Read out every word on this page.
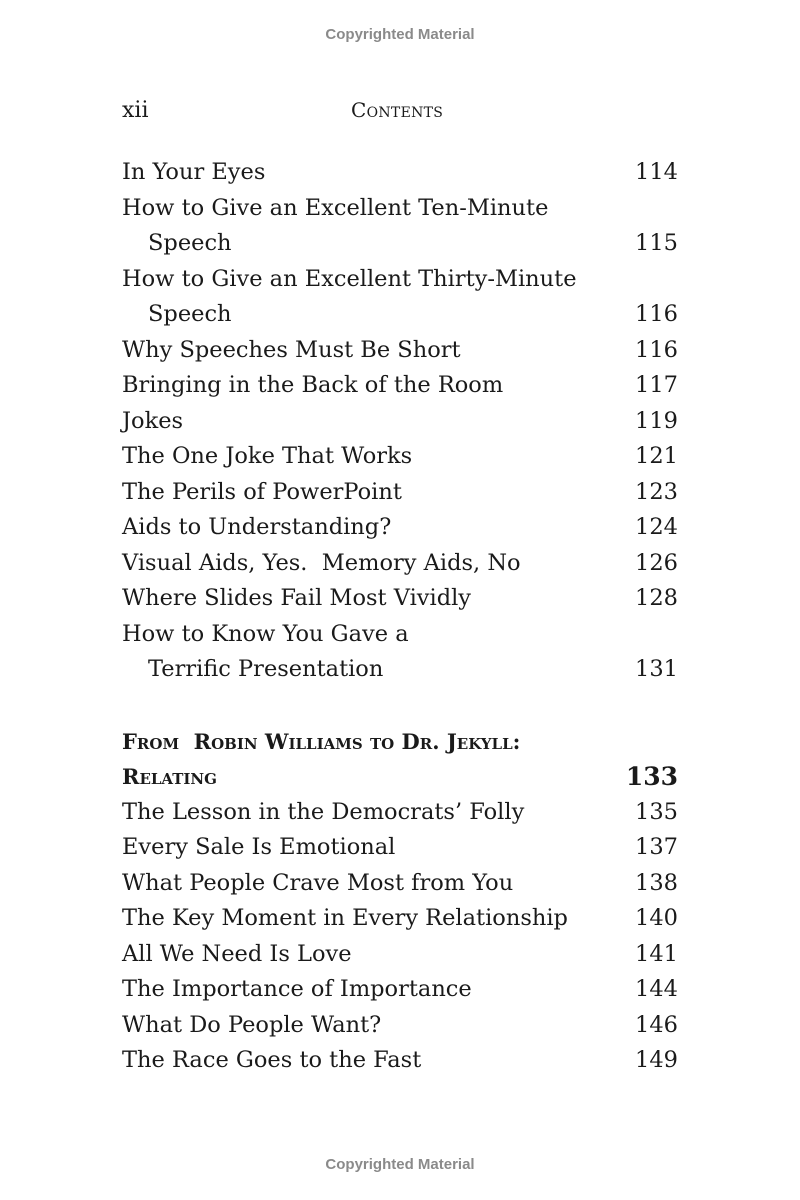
Copyrighted Material
xii	Contents
In Your Eyes	114
How to Give an Excellent Ten-Minute
Speech	115
How to Give an Excellent Thirty-Minute
Speech	116
Why Speeches Must Be Short	116
Bringing in the Back of the Room	117
Jokes	119
The One Joke That Works	121
The Perils of PowerPoint	123
Aids to Understanding?	124
Visual Aids, Yes.  Memory Aids, No	126
Where Slides Fail Most Vividly	128
How to Know You Gave a
Terrific Presentation	131
From  Robin Williams to Dr. Jekyll:
Relating	133
The Lesson in the Democrats’ Folly	135
Every Sale Is Emotional	137
What People Crave Most from You	138
The Key Moment in Every Relationship	140
All We Need Is Love	141
The Importance of Importance	144
What Do People Want?	146
The Race Goes to the Fast	149
Copyrighted Material
